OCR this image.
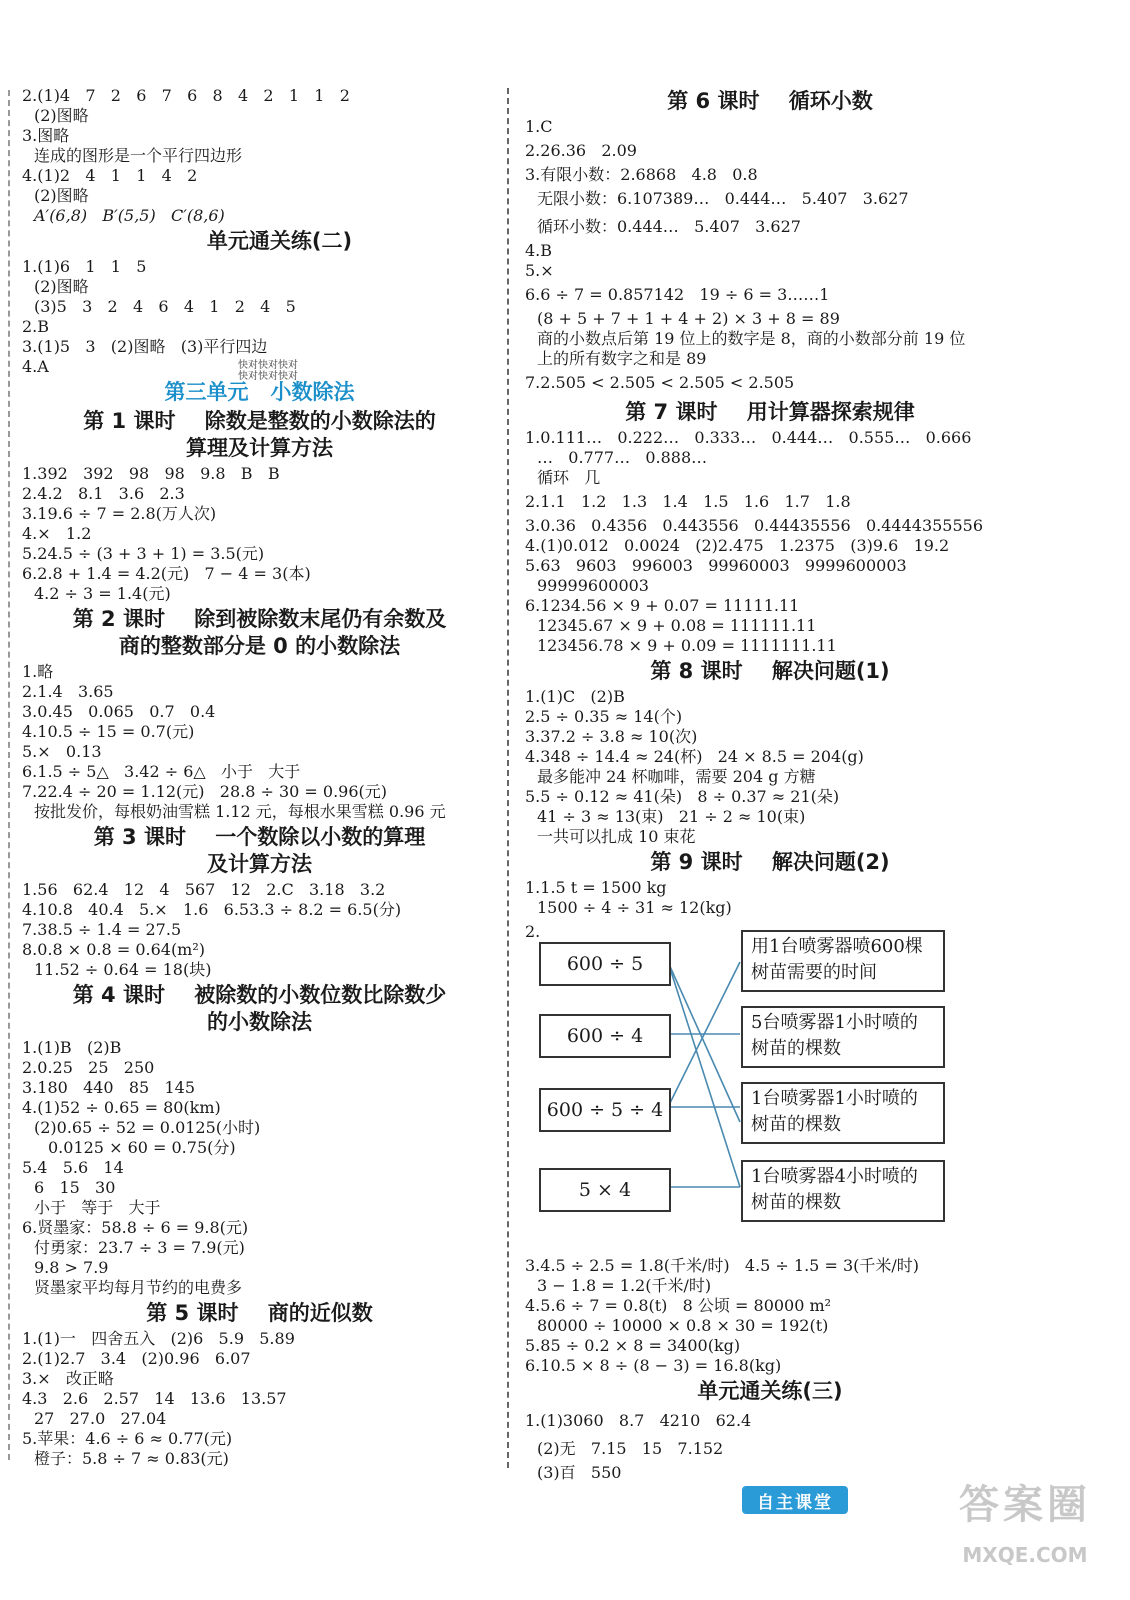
2.(1)4   7   2   6   7   6   8   4   2   1   1   2
(2)图略
3.图略
连成的图形是一个平行四边形
4.(1)2   4   1   1   4   2
(2)图略
A′(6,8)   B′(5,5)   C′(8,6)
单元通关练(二)
1.(1)6   1   1   5
(2)图略
(3)5   3   2   4   6   4   1   2   4   5
2.B
3.(1)5   3   (2)图略   (3)平行四边
4.A
第三单元   小数除法
第 1 课时    除数是整数的小数除法的
算理及计算方法
1.392   392   98   98   9.8   B   B
2.4.2   8.1   3.6   2.3
3.19.6 ÷ 7 = 2.8(万人次)
4.×   1.2
5.24.5 ÷ (3 + 3 + 1) = 3.5(元)
6.2.8 + 1.4 = 4.2(元)   7 − 4 = 3(本)
4.2 ÷ 3 = 1.4(元)
第 2 课时    除到被除数末尾仍有余数及
商的整数部分是 0 的小数除法
1.略
2.1.4   3.65
3.0.45   0.065   0.7   0.4
4.10.5 ÷ 15 = 0.7(元)
5.×   0.13
6.1.5 ÷ 5△   3.42 ÷ 6△   小于   大于
7.22.4 ÷ 20 = 1.12(元)   28.8 ÷ 30 = 0.96(元)
按批发价，每根奶油雪糕 1.12 元，每根水果雪糕 0.96 元
第 3 课时    一个数除以小数的算理
及计算方法
1.56   62.4   12   4   567   12   2.C   3.18   3.2
4.10.8   40.4   5.×   1.6   6.53.3 ÷ 8.2 = 6.5(分)
7.38.5 ÷ 1.4 = 27.5
8.0.8 × 0.8 = 0.64(m²)
11.52 ÷ 0.64 = 18(块)
第 4 课时    被除数的小数位数比除数少
的小数除法
1.(1)B   (2)B
2.0.25   25   250
3.180   440   85   145
4.(1)52 ÷ 0.65 = 80(km)
(2)0.65 ÷ 52 = 0.0125(小时)
0.0125 × 60 = 0.75(分)
5.4   5.6   14
6   15   30
小于   等于   大于
6.贤墨家：58.8 ÷ 6 = 9.8(元)
付勇家：23.7 ÷ 3 = 7.9(元)
9.8 > 7.9
贤墨家平均每月节约的电费多
第 5 课时    商的近似数
1.(1)一   四舍五入   (2)6   5.9   5.89
2.(1)2.7   3.4   (2)0.96   6.07
3.×   改正略
4.3   2.6   2.57   14   13.6   13.57
27   27.0   27.04
5.苹果：4.6 ÷ 6 ≈ 0.77(元)
橙子：5.8 ÷ 7 ≈ 0.83(元)
快对快对快对
快对快对快对
第 6 课时    循环小数
1.C
2.26.36   2.09
3.有限小数：2.6868   4.8   0.8
无限小数：6.107389…   0.444…   5.407   3.627
循环小数：0.444…   5.407   3.627
4.B
5.×
6.6 ÷ 7 = 0.857142   19 ÷ 6 = 3……1
(8 + 5 + 7 + 1 + 4 + 2) × 3 + 8 = 89
商的小数点后第 19 位上的数字是 8，商的小数部分前 19 位
上的所有数字之和是 89
7.2.505 < 2.505 < 2.505 < 2.505
第 7 课时    用计算器探索规律
1.0.111…   0.222…   0.333…   0.444…   0.555…   0.666
…   0.777…   0.888…
循环   几
2.1.1   1.2   1.3   1.4   1.5   1.6   1.7   1.8
3.0.36   0.4356   0.443556   0.44435556   0.4444355556
4.(1)0.012   0.0024   (2)2.475   1.2375   (3)9.6   19.2
5.63   9603   996003   99960003   9999600003
99999600003
6.1234.56 × 9 + 0.07 = 11111.11
12345.67 × 9 + 0.08 = 111111.11
123456.78 × 9 + 0.09 = 1111111.11
第 8 课时    解决问题(1)
1.(1)C   (2)B
2.5 ÷ 0.35 ≈ 14(个)
3.37.2 ÷ 3.8 ≈ 10(次)
4.348 ÷ 14.4 ≈ 24(杯)   24 × 8.5 = 204(g)
最多能冲 24 杯咖啡，需要 204 g 方糖
5.5 ÷ 0.12 ≈ 41(朵)   8 ÷ 0.37 ≈ 21(朵)
41 ÷ 3 ≈ 13(束)   21 ÷ 2 ≈ 10(束)
一共可以扎成 10 束花
第 9 课时    解决问题(2)
1.1.5 t = 1500 kg
1500 ÷ 4 ÷ 31 ≈ 12(kg)
2.
600 ÷ 5
600 ÷ 4
600 ÷ 5 ÷ 4
5 × 4
用1台喷雾器喷600棵树苗需要的时间
5台喷雾器1小时喷的树苗的棵数
1台喷雾器1小时喷的树苗的棵数
1台喷雾器4小时喷的树苗的棵数
3.4.5 ÷ 2.5 = 1.8(千米/时)   4.5 ÷ 1.5 = 3(千米/时)
3 − 1.8 = 1.2(千米/时)
4.5.6 ÷ 7 = 0.8(t)   8 公顷 = 80000 m²
80000 ÷ 10000 × 0.8 × 30 = 192(t)
5.85 ÷ 0.2 × 8 = 3400(kg)
6.10.5 × 8 ÷ (8 − 3) = 16.8(kg)
单元通关练(三)
1.(1)3060   8.7   4210   62.4
(2)无   7.15   15   7.152
(3)百   550
自主课堂	答案圈
MXQE.COM
